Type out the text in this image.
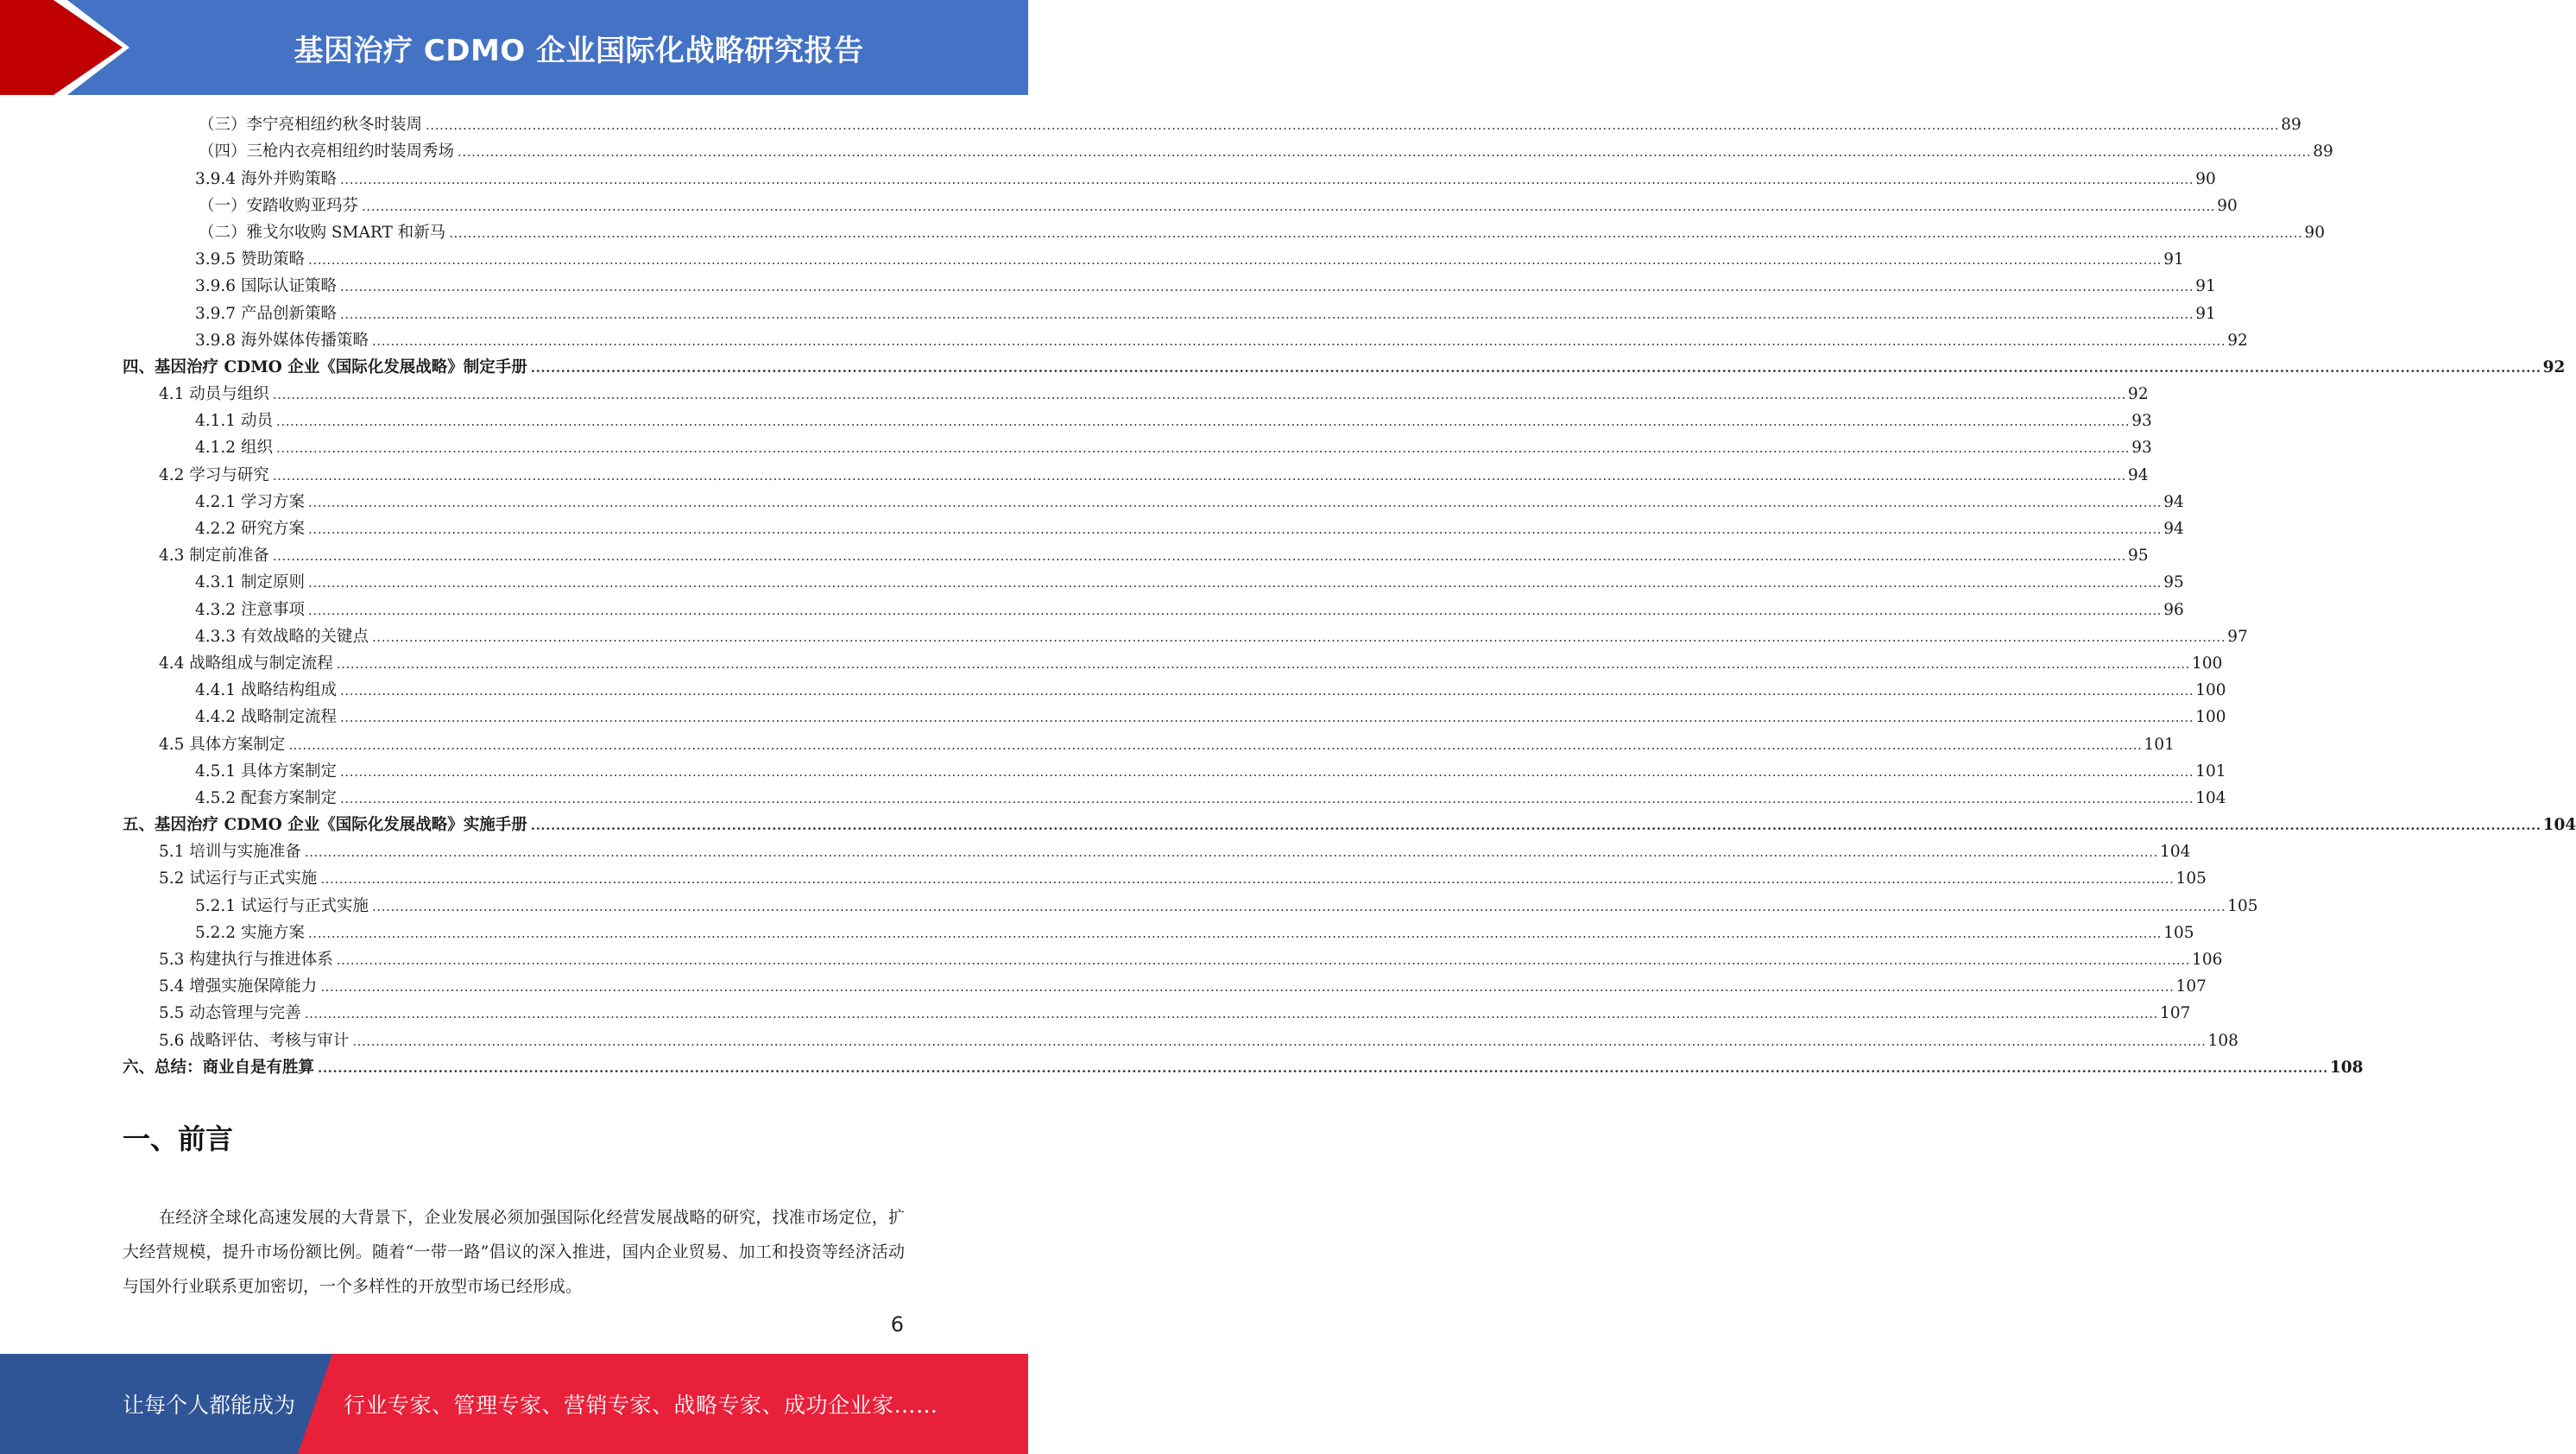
基因治疗 CDMO 企业国际化战略研究报告
（三）李宁亮相纽约秋冬时装周 ................................................................................................................................................................................................................................................................................................................................................................................................................ 89
（四）三枪内衣亮相纽约时装周秀场 ................................................................................................................................................................................................................................................................................................................................................................................................................ 89
3.9.4 海外并购策略 ................................................................................................................................................................................................................................................................................................................................................................................................................ 90
（一）安踏收购亚玛芬 ................................................................................................................................................................................................................................................................................................................................................................................................................ 90
（二）雅戈尔收购 SMART 和新马 ................................................................................................................................................................................................................................................................................................................................................................................................................ 90
3.9.5 赞助策略 ................................................................................................................................................................................................................................................................................................................................................................................................................ 91
3.9.6 国际认证策略 ................................................................................................................................................................................................................................................................................................................................................................................................................ 91
3.9.7 产品创新策略 ................................................................................................................................................................................................................................................................................................................................................................................................................ 91
3.9.8 海外媒体传播策略 ................................................................................................................................................................................................................................................................................................................................................................................................................ 92
四、基因治疗 CDMO 企业《国际化发展战略》制定手册 ................................................................................................................................................................................................................................................................................................................................................................................................................ 92
4.1 动员与组织 ................................................................................................................................................................................................................................................................................................................................................................................................................ 92
4.1.1 动员 ................................................................................................................................................................................................................................................................................................................................................................................................................ 93
4.1.2 组织 ................................................................................................................................................................................................................................................................................................................................................................................................................ 93
4.2 学习与研究 ................................................................................................................................................................................................................................................................................................................................................................................................................ 94
4.2.1 学习方案 ................................................................................................................................................................................................................................................................................................................................................................................................................ 94
4.2.2 研究方案 ................................................................................................................................................................................................................................................................................................................................................................................................................ 94
4.3 制定前准备 ................................................................................................................................................................................................................................................................................................................................................................................................................ 95
4.3.1 制定原则 ................................................................................................................................................................................................................................................................................................................................................................................................................ 95
4.3.2 注意事项 ................................................................................................................................................................................................................................................................................................................................................................................................................ 96
4.3.3 有效战略的关键点 ................................................................................................................................................................................................................................................................................................................................................................................................................ 97
4.4 战略组成与制定流程 ................................................................................................................................................................................................................................................................................................................................................................................................................ 100
4.4.1 战略结构组成 ................................................................................................................................................................................................................................................................................................................................................................................................................ 100
4.4.2 战略制定流程 ................................................................................................................................................................................................................................................................................................................................................................................................................ 100
4.5 具体方案制定 ................................................................................................................................................................................................................................................................................................................................................................................................................ 101
4.5.1 具体方案制定 ................................................................................................................................................................................................................................................................................................................................................................................................................ 101
4.5.2 配套方案制定 ................................................................................................................................................................................................................................................................................................................................................................................................................ 104
五、基因治疗 CDMO 企业《国际化发展战略》实施手册 ................................................................................................................................................................................................................................................................................................................................................................................................................ 104
5.1 培训与实施准备 ................................................................................................................................................................................................................................................................................................................................................................................................................ 104
5.2 试运行与正式实施 ................................................................................................................................................................................................................................................................................................................................................................................................................ 105
5.2.1 试运行与正式实施 ................................................................................................................................................................................................................................................................................................................................................................................................................ 105
5.2.2 实施方案 ................................................................................................................................................................................................................................................................................................................................................................................................................ 105
5.3 构建执行与推进体系 ................................................................................................................................................................................................................................................................................................................................................................................................................ 106
5.4 增强实施保障能力 ................................................................................................................................................................................................................................................................................................................................................................................................................ 107
5.5 动态管理与完善 ................................................................................................................................................................................................................................................................................................................................................................................................................ 107
5.6 战略评估、考核与审计 ................................................................................................................................................................................................................................................................................................................................................................................................................ 108
六、总结：商业自是有胜算 ................................................................................................................................................................................................................................................................................................................................................................................................................ 108
一、前言

在经济全球化高速发展的大背景下，企业发展必须加强国际化经营发展战略的研究，找准市场定位，扩大经营规模，提升市场份额比例。随着“一带一路”倡议的深入推进，国内企业贸易、加工和投资等经济活动与国外行业联系更加密切，一个多样性的开放型市场已经形成。

6
让每个人都能成为 行业专家、管理专家、营销专家、战略专家、成功企业家……
